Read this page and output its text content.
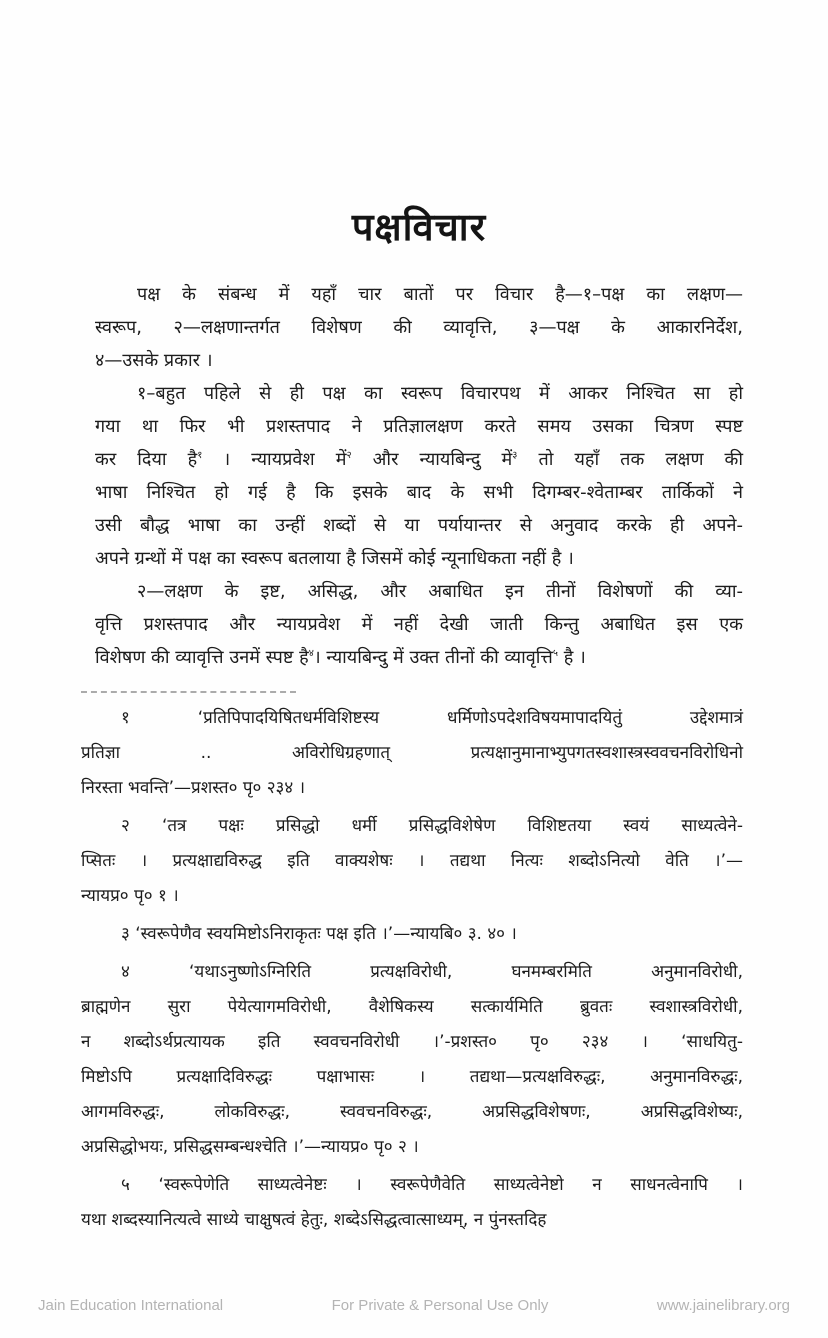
पक्षविचार
पक्ष के संबन्ध में यहाँ चार बातों पर विचार है—१–पक्ष का लक्षण—
स्वरूप, २—लक्षणान्तर्गत विशेषण की व्यावृत्ति, ३—पक्ष के आकारनिर्देश,
४—उसके प्रकार ।
१–बहुत पहिले से ही पक्ष का स्वरूप विचारपथ में आकर निश्चित सा हो
गया था फिर भी प्रशस्तपाद ने प्रतिज्ञालक्षण करते समय उसका चित्रण स्पष्ट
कर दिया है$^१$ । न्यायप्रवेश में$^२$ और न्यायबिन्दु में$^३$ तो यहाँ तक लक्षण की
भाषा निश्चित हो गई है कि इसके बाद के सभी दिगम्बर-श्वेताम्बर तार्किकों ने
उसी बौद्ध भाषा का उन्हीं शब्दों से या पर्यायान्तर से अनुवाद करके ही अपने-
अपने ग्रन्थों में पक्ष का स्वरूप बतलाया है जिसमें कोई न्यूनाधिकता नहीं है ।
२—लक्षण के इष्ट, असिद्ध, और अबाधित इन तीनों विशेषणों की व्या-
वृत्ति प्रशस्तपाद और न्यायप्रवेश में नहीं देखी जाती किन्तु अबाधित इस एक
विशेषण की व्यावृत्ति उनमें स्पष्ट है$^४$। न्यायबिन्दु में उक्त तीनों की व्यावृत्ति$^५$ है ।
१ ‘प्रतिपिपादयिषितधर्मविशिष्टस्य धर्मिणोऽपदेशविषयमापादयितुं उद्देशमात्रं
प्रतिज्ञा .. अविरोधिग्रहणात् प्रत्यक्षानुमानाभ्युपगतस्वशास्त्रस्ववचनविरोधिनो
निरस्ता भवन्ति’—प्रशस्त० पृ० २३४ ।
२ ‘तत्र पक्षः प्रसिद्धो धर्मी प्रसिद्धविशेषेण विशिष्टतया स्वयं साध्यत्वेने-
प्सितः । प्रत्यक्षाद्यविरुद्ध इति वाक्यशेषः । तद्यथा नित्यः शब्दोऽनित्यो वेति ।’—
न्यायप्र० पृ० १ ।
३ ‘स्वरूपेणैव स्वयमिष्टोऽनिराकृतः पक्ष इति ।’—न्यायबि० ३. ४० ।
४ ‘यथाऽनुष्णोऽग्निरिति प्रत्यक्षविरोधी, घनमम्बरमिति अनुमानविरोधी,
ब्राह्मणेन सुरा पेयेत्यागमविरोधी, वैशेषिकस्य सत्कार्यमिति ब्रुवतः स्वशास्त्रविरोधी,
न शब्दोऽर्थप्रत्यायक इति स्ववचनविरोधी ।’-प्रशस्त० पृ० २३४ । ‘साधयितु-
मिष्टोऽपि प्रत्यक्षादिविरुद्धः पक्षाभासः । तद्यथा—प्रत्यक्षविरुद्धः, अनुमानविरुद्धः,
आगमविरुद्धः, लोकविरुद्धः, स्ववचनविरुद्धः, अप्रसिद्धविशेषणः, अप्रसिद्धविशेष्यः,
अप्रसिद्धोभयः, प्रसिद्धसम्बन्धश्चेति ।’—न्यायप्र० पृ० २ ।
५ ‘स्वरूपेणेति साध्यत्वेनेष्टः । स्वरूपेणैवेति साध्यत्वेनेष्टो न साधनत्वेनापि ।
यथा शब्दस्यानित्यत्वे साध्ये चाक्षुषत्वं हेतुः, शब्देऽसिद्धत्वात्साध्यम्, न पुंनस्तदिह
Jain Education International	For Private & Personal Use Only	www.jainelibrary.org
